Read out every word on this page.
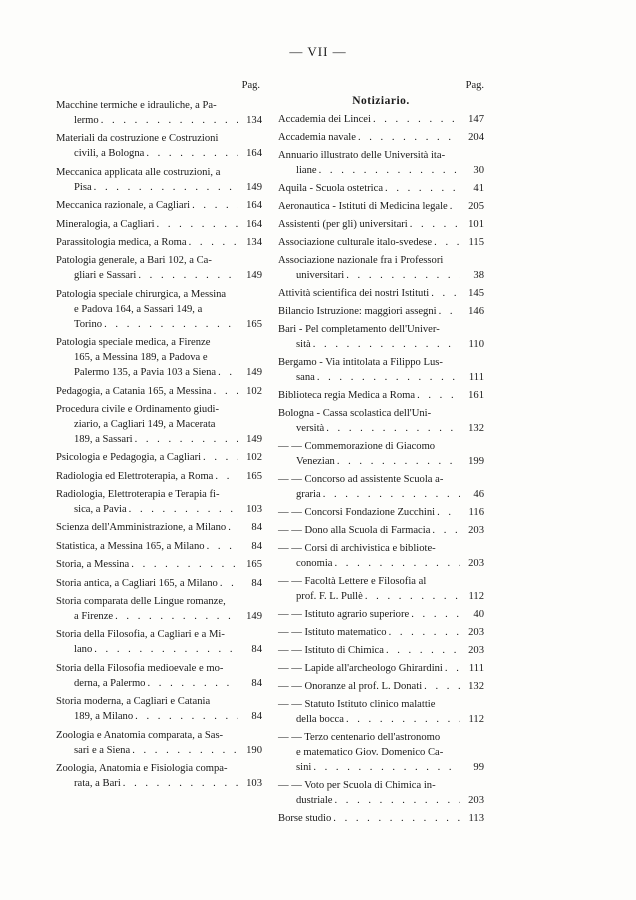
— VII —
Pag.
Macchine termiche e idrauliche, a Pa-
lermo . . .	134
Materiali da costruzione e Costruzioni
civili, a Bologna . . .	164
Meccanica applicata alle costruzioni, a
Pisa . . .	149
Meccanica razionale, a Cagliari . . .	164
Mineralogia, a Cagliari . . .	164
Parassitologia medica, a Roma . . .	134
Patologia generale, a Bari 102, a Ca-
gliari e Sassari . . .	149
Patologia speciale chirurgica, a Messina
e Padova 164, a Sassari 149, a
Torino . . .	165
Patologia speciale medica, a Firenze
165, a Messina 189, a Padova e
Palermo 135, a Pavia 103 a Siena . . .	149
Pedagogia, a Catania 165, a Messina . . .	102
Procedura civile e Ordinamento giudi-
ziario, a Cagliari 149, a Macerata
189, a Sassari . . .	149
Psicologia e Pedagogia, a Cagliari . . .	102
Radiologia ed Elettroterapia, a Roma . . .	165
Radiologia, Elettroterapia e Terapia fi-
sica, a Pavia . . .	103
Scienza dell'Amministrazione, a Milano . . .	84
Statistica, a Messina 165, a Milano . . .	84
Storia, a Messina . . .	165
Storia antica, a Cagliari 165, a Milano . . .	84
Storia comparata delle Lingue romanze,
a Firenze . . .	149
Storia della Filosofia, a Cagliari e a Mi-
lano . . .	84
Storia della Filosofia medioevale e mo-
derna, a Palermo . . .	84
Storia moderna, a Cagliari e Catania
189, a Milano . . .	84
Zoologia e Anatomia comparata, a Sas-
sari e a Siena . . .	190
Zoologia, Anatomia e Fisiologia compa-
rata, a Bari . . .	103
Pag.
Notiziario.
Accademia dei Lincei . . .	147
Accademia navale . . .	204
Annuario illustrato delle Università ita-
liane . . .	30
Aquila - Scuola ostetrica . . .	41
Aeronautica - Istituti di Medicina legale . . .	205
Assistenti (per gli) universitari . . .	101
Associazione culturale italo-svedese . . .	115
Associazione nazionale fra i Professori
universitari . . .	38
Attività scientifica dei nostri Istituti . . .	145
Bilancio Istruzione: maggiori assegni . . .	146
Bari - Pel completamento dell'Univer-
sità . . .	110
Bergamo - Via intitolata a Filippo Lus-
sana . . .	111
Biblioteca regia Medica a Roma . . .	161
Bologna - Cassa scolastica dell'Uni-
versità . . .	132
— — Commemorazione di Giacomo
Venezian . . .	199
— — Concorso ad assistente Scuola a-
graria . . .	46
— — Concorsi Fondazione Zucchini . . .	116
— — Dono alla Scuola di Farmacia . . .	203
— — Corsi di archivistica e bibliote-
conomia . . .	203
— — Facoltà Lettere e Filosofia al
prof. F. L. Pullè . . .	112
— — Istituto agrario superiore . . .	40
— — Istituto matematico . . .	203
— — Istituto di Chimica . . .	203
— — Lapide all'archeologo Ghirardini . . .	111
— — Onoranze al prof. L. Donati . . .	132
— — Statuto Istituto clinico malattie
della bocca . . .	112
— — Terzo centenario dell'astronomo
e matematico Giov. Domenico Ca-
sini . . .	99
— — Voto per Scuola di Chimica in-
dustriale . . .	203
Borse studio . . .	113
